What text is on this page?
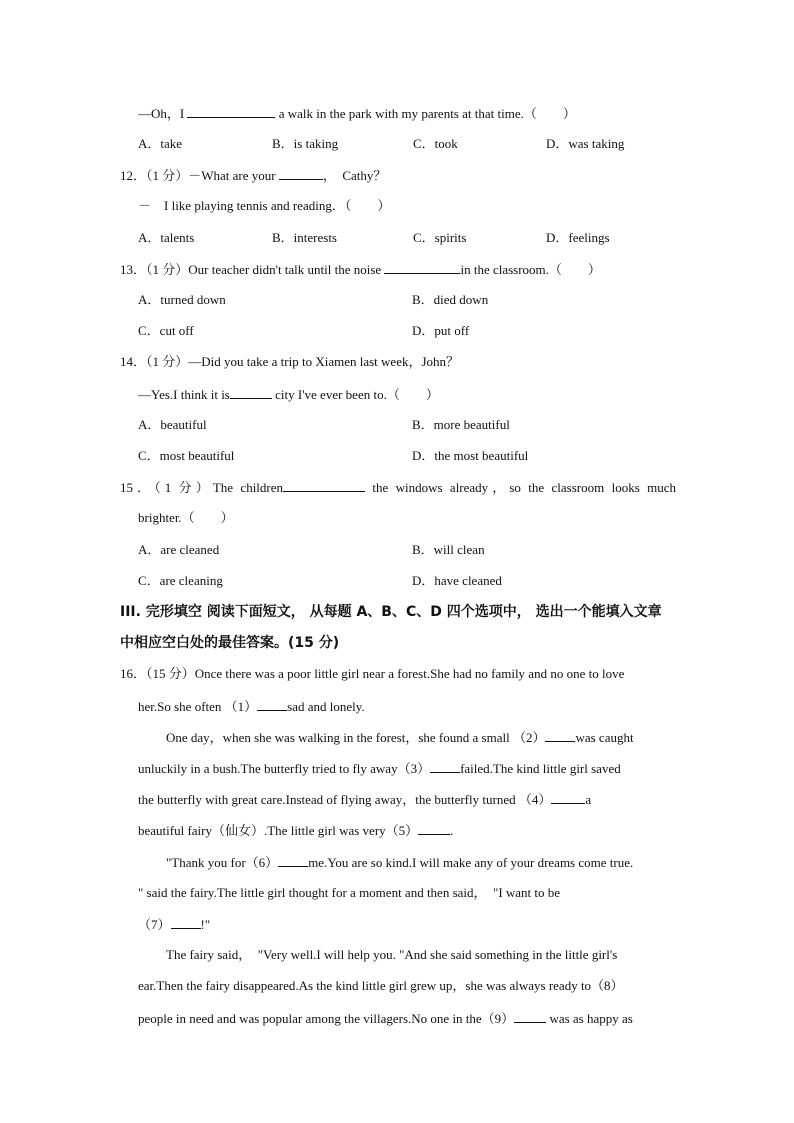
—Oh，I	a walk in the park with my parents at that time.（　　）
A．take	B．is taking	C．took	D．was taking
12．（1 分）－What are your	，　Cathy？
－　I like playing tennis and reading．（　　）
A．talents	B．interests	C．spirits	D．feelings
13．（1 分）Our teacher didn't talk until the noise	in the classroom.（　　）
A．turned down	B．died down
C．cut off	D．put off
14．（1 分）—Did you take a trip to Xiamen last week，John？
—Yes.I think it is	city I've ever been to.（　　）
A．beautiful	B．more beautiful
C．most beautiful	D．the most beautiful
15．（1 分）The children	the windows already，so the classroom looks much
brighter.（　　）
A．are cleaned	B．will clean
C．are cleaning	D．have cleaned
III. 完形填空 阅读下面短文， 从每题 A、B、C、D 四个选项中， 选出一个能填入文章
中相应空白处的最佳答案。(15 分)
16．（15 分）Once there was a poor little girl near a forest.She had no family and no one to love
her.So she often （1） sad and lonely.
One day，when she was walking in the forest，she found a small （2） was caught
unluckily in a bush.The butterfly tried to fly away（3） failed.The kind little girl saved
the butterfly with great care.Instead of flying away，the butterfly turned （4）	a
beautiful fairy（仙女）.The little girl was very（5） .
"Thank you for（6） me.You are so kind.I will make any of your dreams come true.
" said the fairy.The little girl thought for a moment and then said，　"I want to be
（7） !"
The fairy said，　"Very well.I will help you. "And she said something in the little girl's
ear.Then the fairy disappeared.As the kind little girl grew up，she was always ready to（8）
people in need and was popular among the villagers.No one in the（9） was as happy as
